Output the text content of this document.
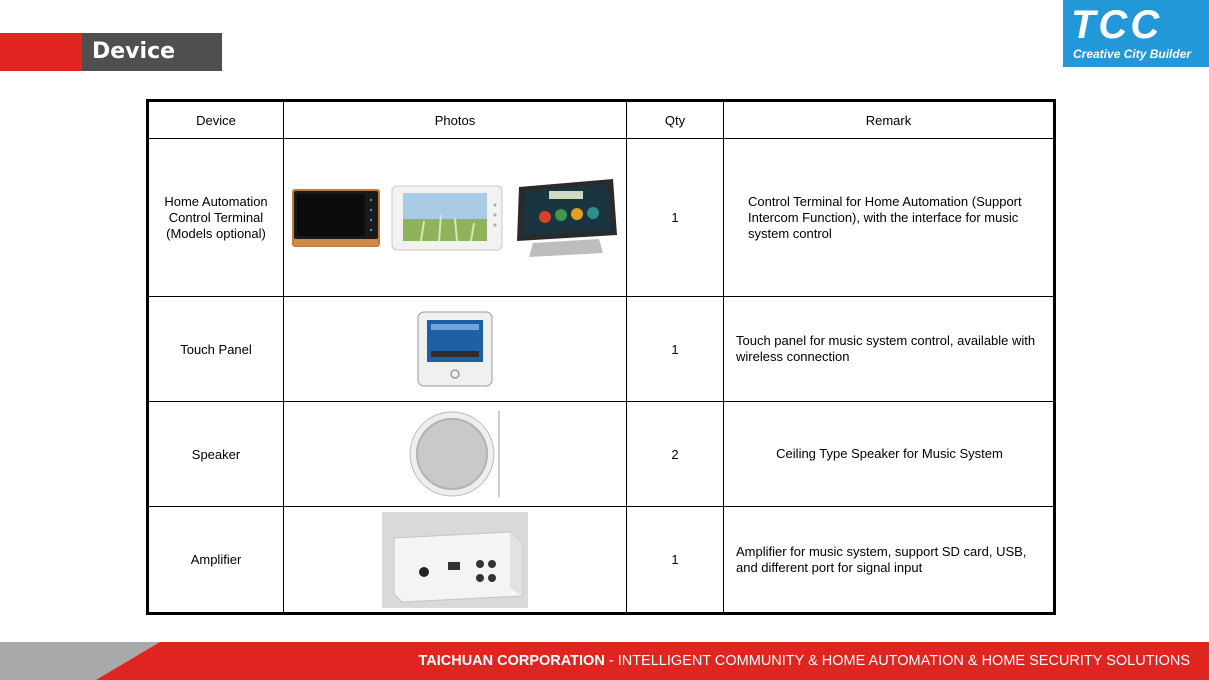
Device List
TCC
Creative City Builder
Device	Photos	Qty	Remark
Home Automation Control Terminal (Models optional)		1	Control Terminal for Home Automation (Support Intercom Function), with the interface for music system control
Touch Panel		1	Touch panel for music system control, available with wireless connection
Speaker		2	Ceiling Type Speaker for Music System
Amplifier		1	Amplifier for music system, support SD card, USB, and different port for signal input
TAICHUAN CORPORATION - INTELLIGENT COMMUNITY & HOME AUTOMATION & HOME SECURITY SOLUTIONS
